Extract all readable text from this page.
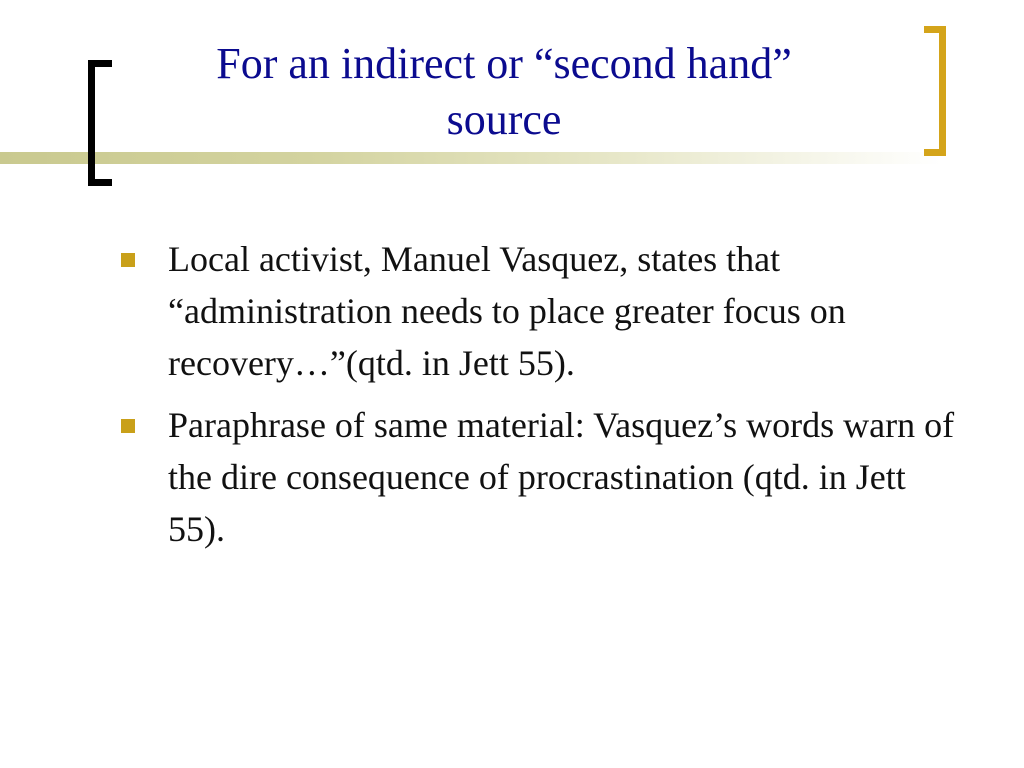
For an indirect or “second hand”
source
Local activist, Manuel Vasquez, states that “administration needs to place greater focus on recovery…”(qtd. in Jett 55).
Paraphrase of same material: Vasquez’s words warn of the dire consequence of procrastination (qtd. in Jett 55).
